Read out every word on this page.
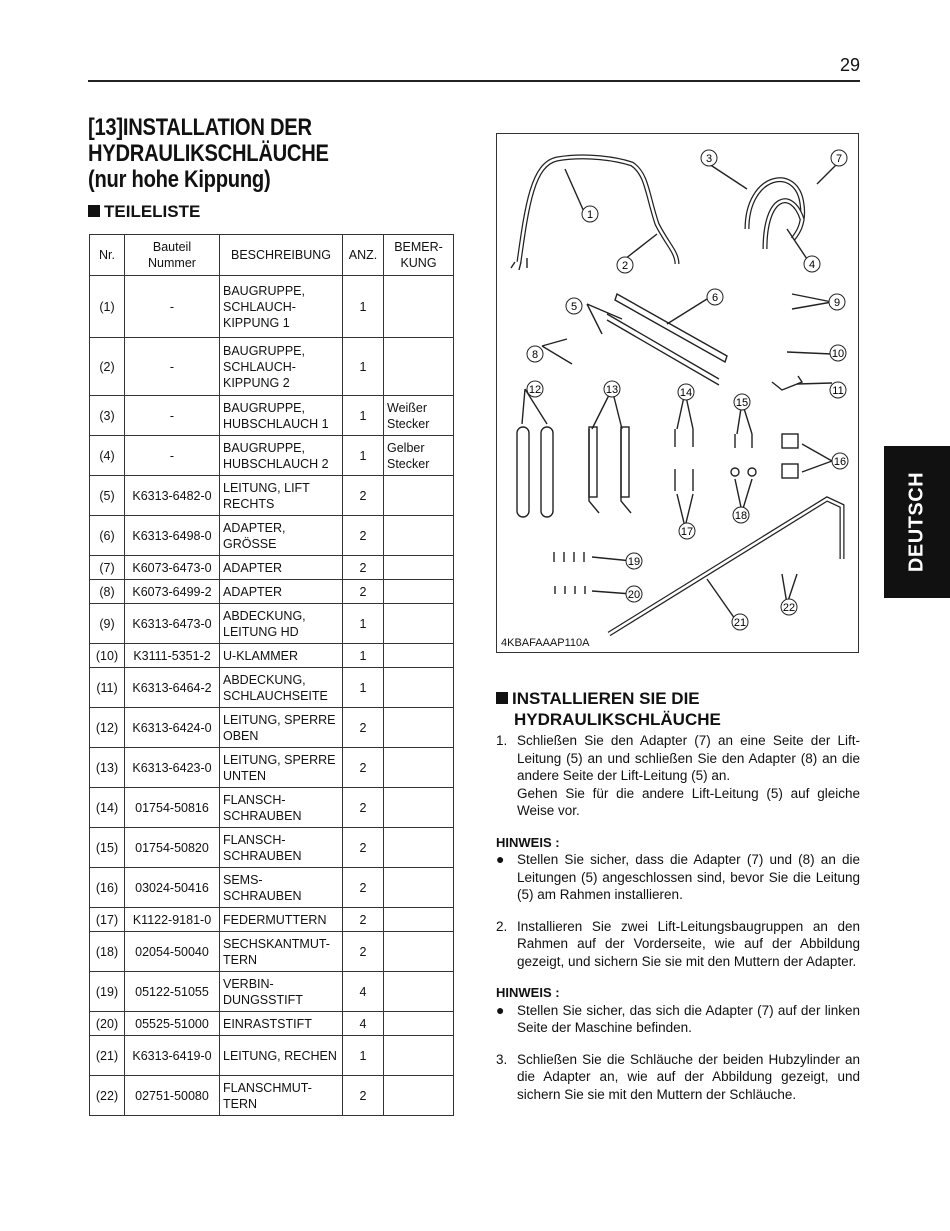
29
[13]INSTALLATION DER HYDRAULIKSCHLÄUCHE (nur hohe Kippung)
TEILELISTE
Nr.	Bauteil Nummer	BESCHREIBUNG	ANZ.	BEMER-KUNG
(1)	-	BAUGRUPPE, SCHLAUCH-KIPPUNG 1	1	
(2)	-	BAUGRUPPE, SCHLAUCH-KIPPUNG 2	1	
(3)	-	BAUGRUPPE, HUBSCHLAUCH 1	1	Weißer Stecker
(4)	-	BAUGRUPPE, HUBSCHLAUCH 2	1	Gelber Stecker
(5)	K6313-6482-0	LEITUNG, LIFT RECHTS	2	
(6)	K6313-6498-0	ADAPTER, GRÖSSE	2	
(7)	K6073-6473-0	ADAPTER	2	
(8)	K6073-6499-2	ADAPTER	2	
(9)	K6313-6473-0	ABDECKUNG, LEITUNG HD	1	
(10)	K3111-5351-2	U-KLAMMER	1	
(11)	K6313-6464-2	ABDECKUNG, SCHLAUCHSEITE	1	
(12)	K6313-6424-0	LEITUNG, SPERRE OBEN	2	
(13)	K6313-6423-0	LEITUNG, SPERRE UNTEN	2	
(14)	01754-50816	FLANSCH-SCHRAUBEN	2	
(15)	01754-50820	FLANSCH-SCHRAUBEN	2	
(16)	03024-50416	SEMS-SCHRAUBEN	2	
(17)	K1122-9181-0	FEDERMUTTERN	2	
(18)	02054-50040	SECHSKANTMUT-TERN	2	
(19)	05122-51055	VERBIN-DUNGSSTIFT	4	
(20)	05525-51000	EINRASTSTIFT	4	
(21)	K6313-6419-0	LEITUNG, RECHEN	1	
(22)	02751-50080	FLANSCHMUT-TERN	2	
1
2
3
4
5
6
7
8
9
10
11
12	13	14
15
16
17
18
19
20
21
22
4KBAFAAAP110A
INSTALLIEREN SIE DIE
HYDRAULIKSCHLÄUCHE
1. Schließen Sie den Adapter (7) an eine Seite der Lift-Leitung (5) an und schließen Sie den Adapter (8) an die andere Seite der Lift-Leitung (5) an.
Gehen Sie für die andere Lift-Leitung (5) auf gleiche Weise vor.
HINWEIS :
● Stellen Sie sicher, dass die Adapter (7) und (8) an die Leitungen (5) angeschlossen sind, bevor Sie die Leitung (5) am Rahmen installieren.
2. Installieren Sie zwei Lift-Leitungsbaugruppen an den Rahmen auf der Vorderseite, wie auf der Abbildung gezeigt, und sichern Sie sie mit den Muttern der Adapter.
HINWEIS :
● Stellen Sie sicher, das sich die Adapter (7) auf der linken Seite der Maschine befinden.
3. Schließen Sie die Schläuche der beiden Hubzylinder an die Adapter an, wie auf der Abbildung gezeigt, und sichern Sie sie mit den Muttern der Schläuche.
DEUTSCH
